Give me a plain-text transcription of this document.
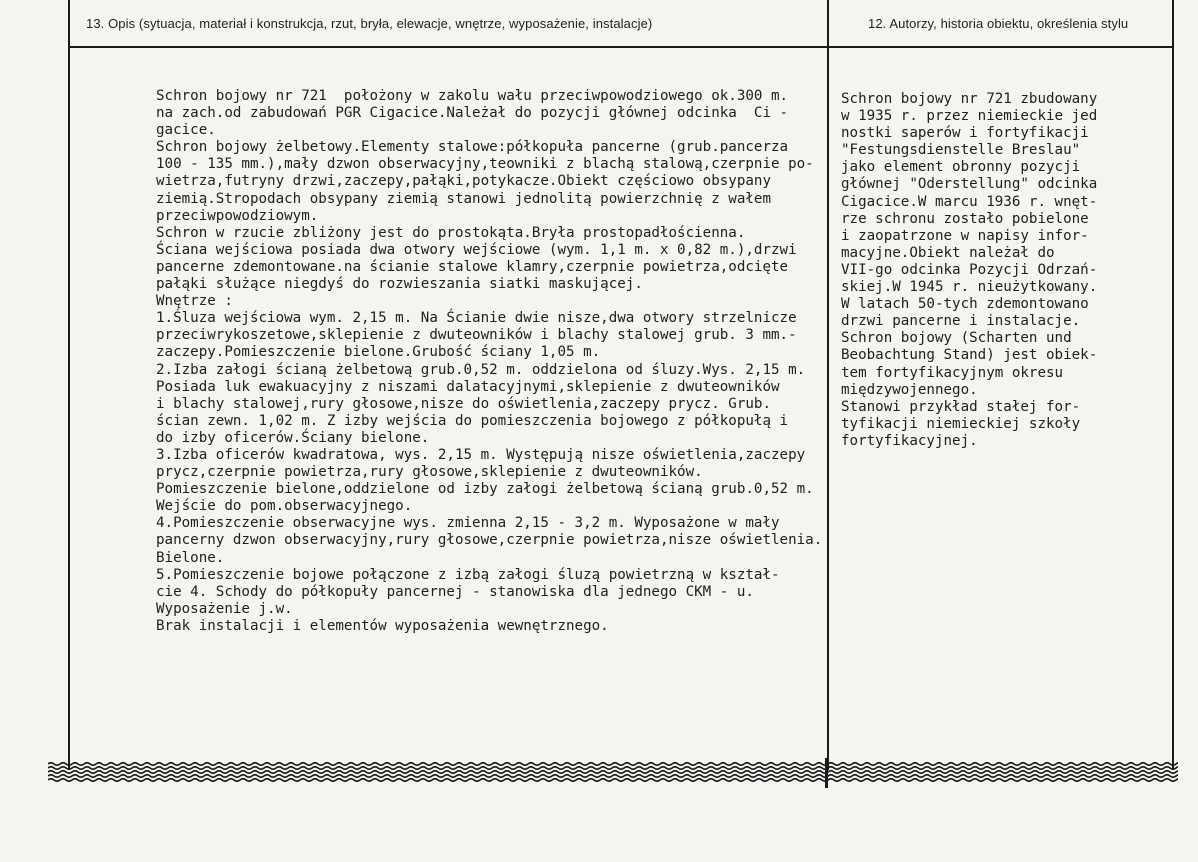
13. Opis (sytuacja, materiał i konstrukcja, rzut, bryła, elewacje, wnętrze, wyposażenie, instalacje)	12. Autorzy, historia obiektu, określenia stylu
Schron bojowy nr 721  położony w zakolu wału przeciwpowodziowego ok.300 m.
na zach.od zabudowań PGR Cigacice.Należał do pozycji głównej odcinka  Ci -
gacice.
Schron bojowy żelbetowy.Elementy stalowe:półkopuła pancerne (grub.pancerza
100 - 135 mm.),mały dzwon obserwacyjny,teowniki z blachą stalową,czerpnie po-
wietrza,futryny drzwi,zaczepy,pałąki,potykacze.Obiekt częściowo obsypany
ziemią.Stropodach obsypany ziemią stanowi jednolitą powierzchnię z wałem
przeciwpowodziowym.
Schron w rzucie zbliżony jest do prostokąta.Bryła prostopadłościenna.
Ściana wejściowa posiada dwa otwory wejściowe (wym. 1,1 m. x 0,82 m.),drzwi
pancerne zdemontowane.na ścianie stalowe klamry,czerpnie powietrza,odcięte
pałąki służące niegdyś do rozwieszania siatki maskującej.
Wnętrze :
1.Śluza wejściowa wym. 2,15 m. Na Ścianie dwie nisze,dwa otwory strzelnicze
przeciwrykoszetowe,sklepienie z dwuteowników i blachy stalowej grub. 3 mm.-
zaczepy.Pomieszczenie bielone.Grubość ściany 1,05 m.
2.Izba załogi ścianą żelbetową grub.0,52 m. oddzielona od śluzy.Wys. 2,15 m.
Posiada luk ewakuacyjny z niszami dalatacyjnymi,sklepienie z dwuteowników
i blachy stalowej,rury głosowe,nisze do oświetlenia,zaczepy prycz. Grub.
ścian zewn. 1,02 m. Z izby wejścia do pomieszczenia bojowego z półkopułą i
do izby oficerów.Ściany bielone.
3.Izba oficerów kwadratowa, wys. 2,15 m. Występują nisze oświetlenia,zaczepy
prycz,czerpnie powietrza,rury głosowe,sklepienie z dwuteowników.
Pomieszczenie bielone,oddzielone od izby załogi żelbetową ścianą grub.0,52 m.
Wejście do pom.obserwacyjnego.
4.Pomieszczenie obserwacyjne wys. zmienna 2,15 - 3,2 m. Wyposażone w mały
pancerny dzwon obserwacyjny,rury głosowe,czerpnie powietrza,nisze oświetlenia.
Bielone.
5.Pomieszczenie bojowe połączone z izbą załogi śluzą powietrzną w kształ-
cie 4. Schody do półkopuły pancernej - stanowiska dla jednego CKM - u.
Wyposażenie j.w.
Brak instalacji i elementów wyposażenia wewnętrznego.
Schron bojowy nr 721 zbudowany
w 1935 r. przez niemieckie jed
nostki saperów i fortyfikacji
"Festungsdienstelle Breslau"
jako element obronny pozycji
głównej "Oderstellung" odcinka
Cigacice.W marcu 1936 r. wnęt-
rze schronu zostało pobielone
i zaopatrzone w napisy infor-
macyjne.Obiekt należał do
VII-go odcinka Pozycji Odrzań-
skiej.W 1945 r. nieużytkowany.
W latach 50-tych zdemontowano
drzwi pancerne i instalacje.
Schron bojowy (Scharten und
Beobachtung Stand) jest obiek-
tem fortyfikacyjnym okresu
międzywojennego.
Stanowi przykład stałej for-
tyfikacji niemieckiej szkoły
fortyfikacyjnej.
